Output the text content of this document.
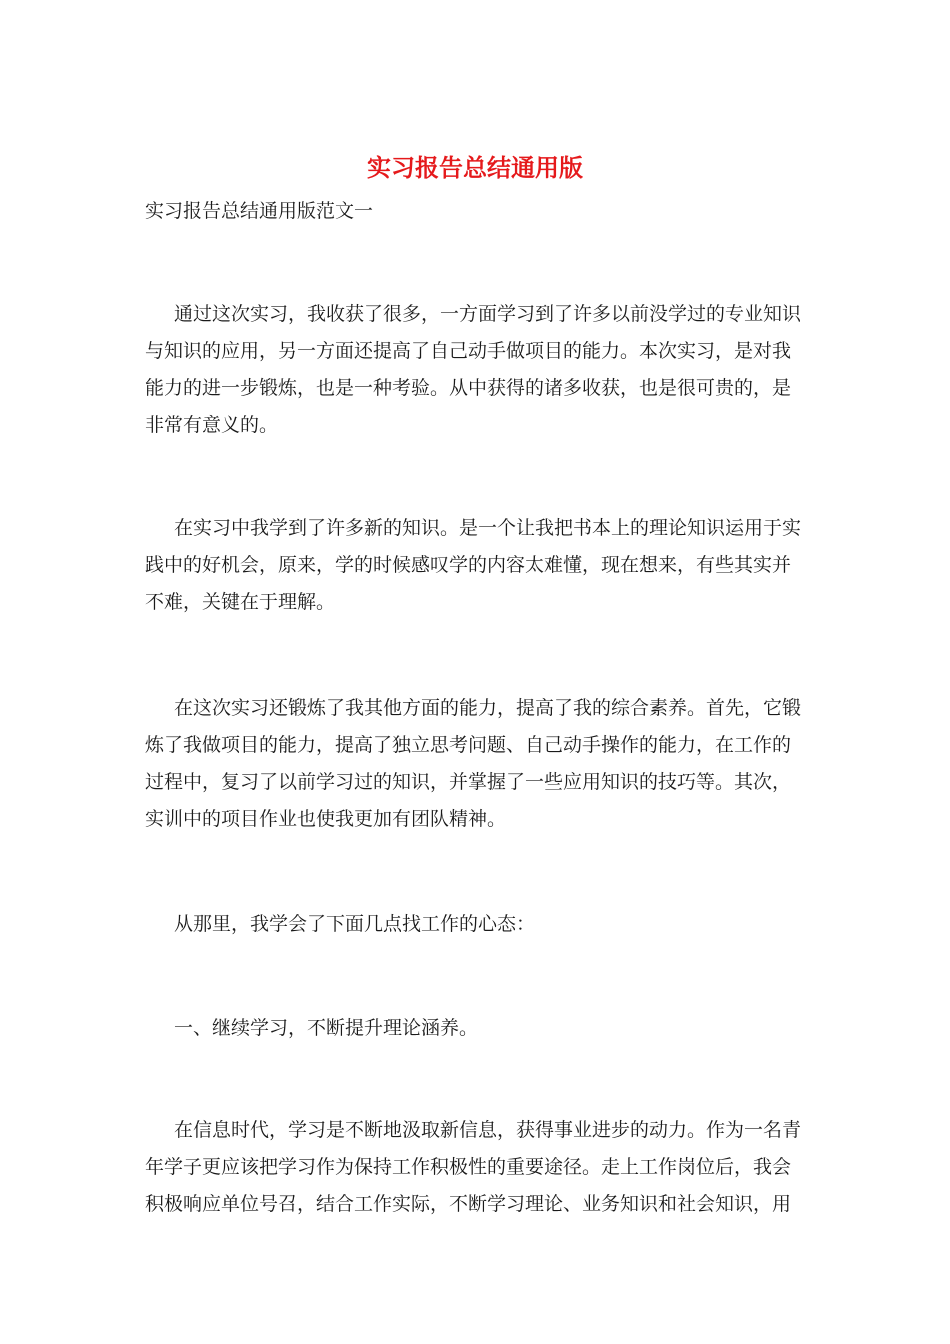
实习报告总结通用版
实习报告总结通用版范文一
通过这次实习，我收获了很多，一方面学习到了许多以前没学过的专业知识
与知识的应用，另一方面还提高了自己动手做项目的能力。本次实习，是对我
能力的进一步锻炼，也是一种考验。从中获得的诸多收获，也是很可贵的，是
非常有意义的。
在实习中我学到了许多新的知识。是一个让我把书本上的理论知识运用于实
践中的好机会，原来，学的时候感叹学的内容太难懂，现在想来，有些其实并
不难，关键在于理解。
在这次实习还锻炼了我其他方面的能力，提高了我的综合素养。首先，它锻
炼了我做项目的能力，提高了独立思考问题、自己动手操作的能力，在工作的
过程中，复习了以前学习过的知识，并掌握了一些应用知识的技巧等。其次，
实训中的项目作业也使我更加有团队精神。
从那里，我学会了下面几点找工作的心态：
一、继续学习，不断提升理论涵养。
在信息时代，学习是不断地汲取新信息，获得事业进步的动力。作为一名青
年学子更应该把学习作为保持工作积极性的重要途径。走上工作岗位后，我会
积极响应单位号召，结合工作实际，不断学习理论、业务知识和社会知识，用
